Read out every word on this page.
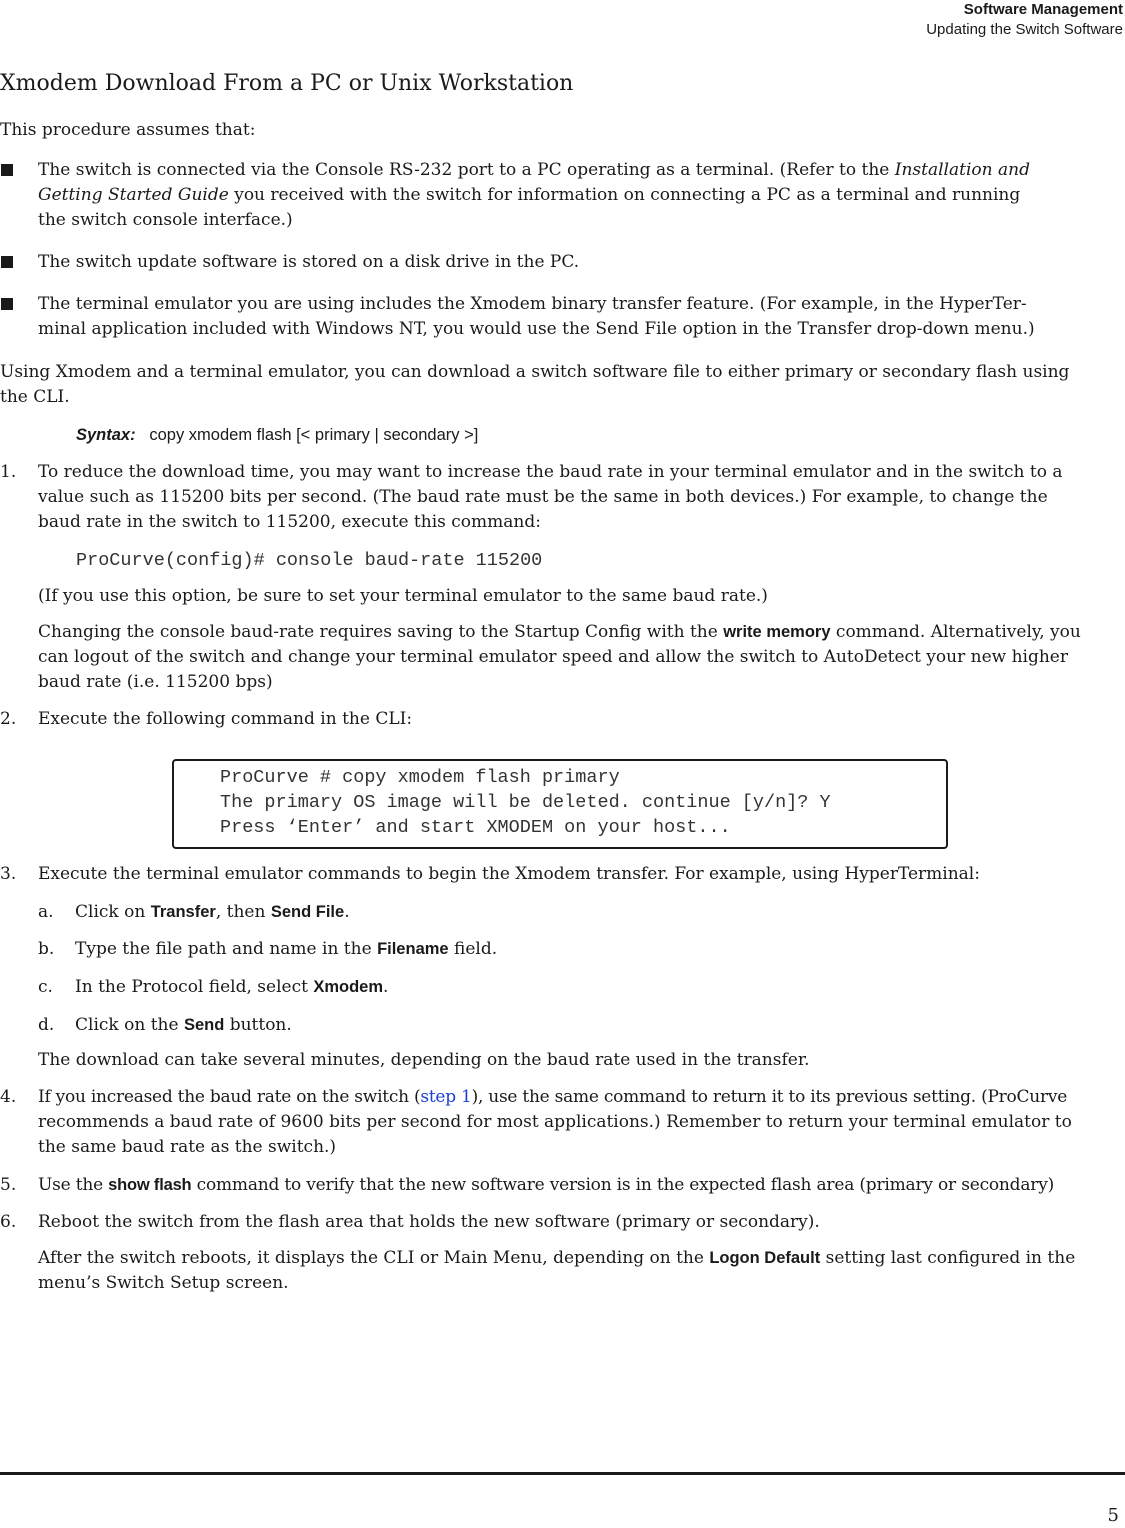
Software Management
Updating the Switch Software
Xmodem Download From a PC or Unix Workstation
This procedure assumes that:
The switch is connected via the Console RS-232 port to a PC operating as a terminal. (Refer to the Installation and
Getting Started Guide you received with the switch for information on connecting a PC as a terminal and running
the switch console interface.)
The switch update software is stored on a disk drive in the PC.
The terminal emulator you are using includes the Xmodem binary transfer feature. (For example, in the HyperTer-
minal application included with Windows NT, you would use the Send File option in the Transfer drop-down menu.)
Using Xmodem and a terminal emulator, you can download a switch software file to either primary or secondary flash using
the CLI.
Syntax: copy xmodem flash [< primary | secondary >]
1. To reduce the download time, you may want to increase the baud rate in your terminal emulator and in the switch to a
value such as 115200 bits per second. (The baud rate must be the same in both devices.) For example, to change the
baud rate in the switch to 115200, execute this command:
ProCurve(config)# console baud-rate 115200
(If you use this option, be sure to set your terminal emulator to the same baud rate.)
Changing the console baud-rate requires saving to the Startup Config with the write memory command. Alternatively, you
can logout of the switch and change your terminal emulator speed and allow the switch to AutoDetect your new higher
baud rate (i.e. 115200 bps)
2. Execute the following command in the CLI:
ProCurve # copy xmodem flash primary
The primary OS image will be deleted. continue [y/n]? Y
Press ‘Enter’ and start XMODEM on your host...
3. Execute the terminal emulator commands to begin the Xmodem transfer. For example, using HyperTerminal:
a. Click on Transfer, then Send File.
b. Type the file path and name in the Filename field.
c. In the Protocol field, select Xmodem.
d. Click on the Send button.
The download can take several minutes, depending on the baud rate used in the transfer.
4. If you increased the baud rate on the switch (step 1), use the same command to return it to its previous setting. (ProCurve
recommends a baud rate of 9600 bits per second for most applications.) Remember to return your terminal emulator to
the same baud rate as the switch.)
5. Use the show flash command to verify that the new software version is in the expected flash area (primary or secondary)
6. Reboot the switch from the flash area that holds the new software (primary or secondary).
After the switch reboots, it displays the CLI or Main Menu, depending on the Logon Default setting last configured in the
menu’s Switch Setup screen.
5
